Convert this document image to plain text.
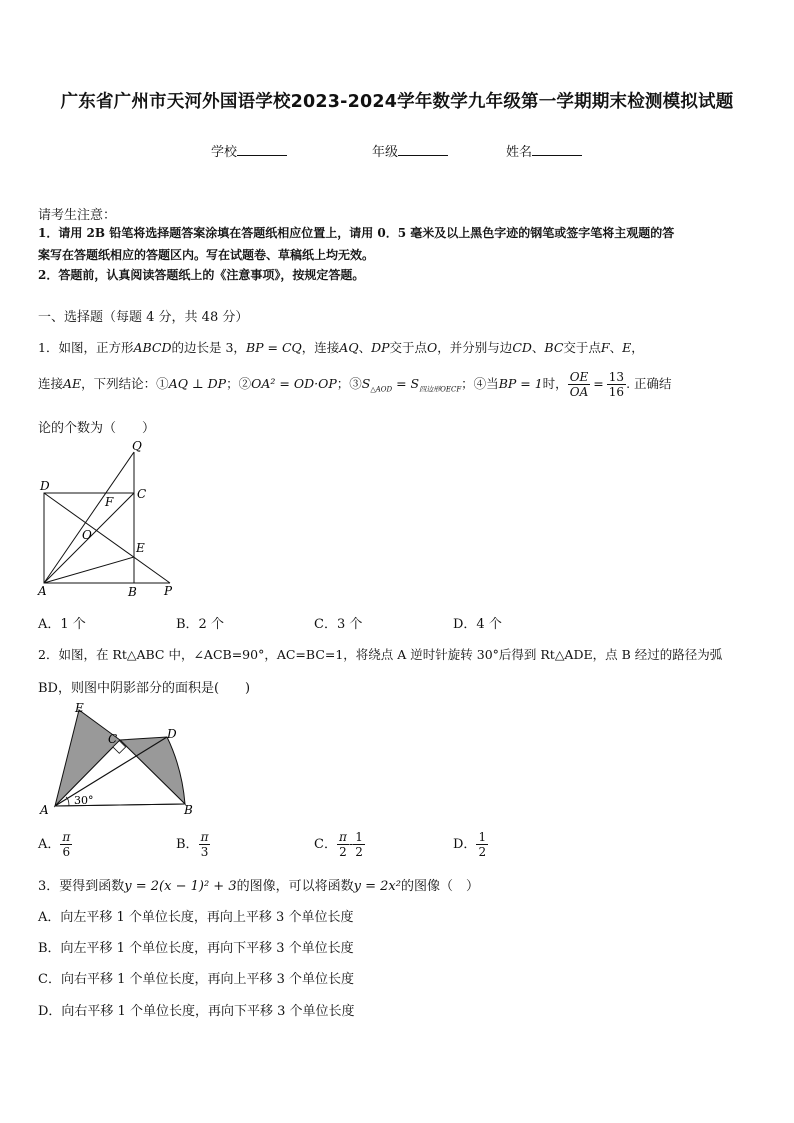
广东省广州市天河外国语学校2023-2024学年数学九年级第一学期期末检测模拟试题
学校	年级	姓名
请考生注意：
1．请用 2B 铅笔将选择题答案涂填在答题纸相应位置上，请用 0．5 毫米及以上黑色字迹的钢笔或签字笔将主观题的答
案写在答题纸相应的答题区内。写在试题卷、草稿纸上均无效。
2．答题前，认真阅读答题纸上的《注意事项》，按规定答题。
一、选择题（每题 4 分，共 48 分）
1．如图，正方形ABCD的边长是 3，BP = CQ，连接AQ、DP交于点O，并分别与边CD、BC交于点F、E，
连接AE，下列结论：①AQ ⊥ DP；②OA² = OD·OP；$③S_{\triangle AOD} = S_{四边形OECF}$；④当BP = 1时， $\frac{OE}{OA} = \frac{13}{16}$ . 正确结
论的个数为（　　）
Q
D
C
F
O
E
A	B P
A．1 个	B．2 个	C．3 个	D．4 个
2．如图，在 Rt△ABC 中，∠ACB=90°，AC=BC=1，将绕点 A 逆时针旋转 30°后得到 Rt△ADE，点 B 经过的路径为弧
BD，则图中阴影部分的面积是(　　)
E
C	D
A	B
30°
A． $\frac{\pi}{6}$	B． $\frac{\pi}{3}$	C． $\frac{\pi}{2} - \frac{1}{2}$	D． $\frac{1}{2}$
3．要得到函数y = 2(x − 1)² + 3的图像，可以将函数y = 2x²的图像（　）
A．向左平移 1 个单位长度，再向上平移 3 个单位长度
B．向左平移 1 个单位长度，再向下平移 3 个单位长度
C．向右平移 1 个单位长度，再向上平移 3 个单位长度
D．向右平移 1 个单位长度，再向下平移 3 个单位长度
